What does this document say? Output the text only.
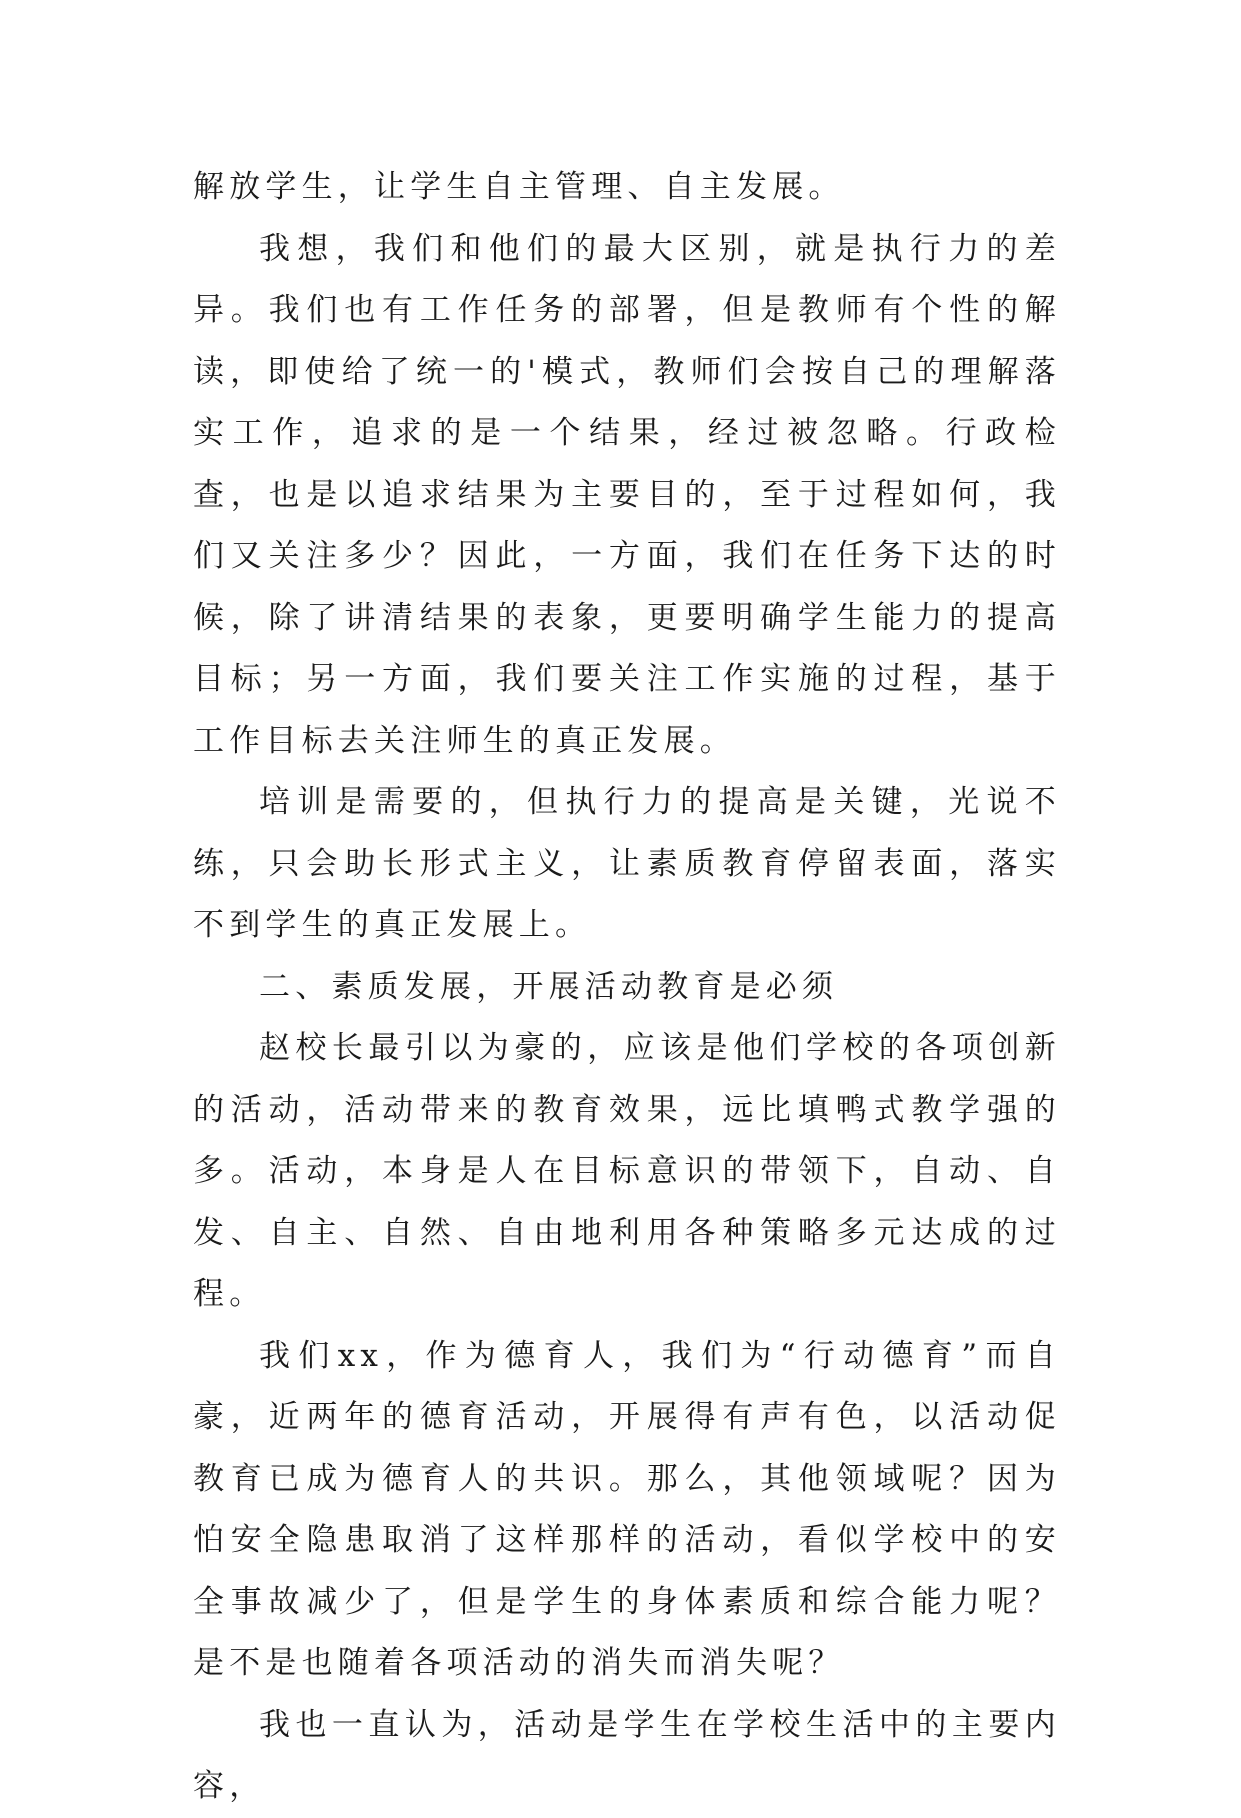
解放学生，让学生自主管理、自主发展。

我想，我们和他们的最大区别，就是执行力的差异。我们也有工作任务的部署，但是教师有个性的解读，即使给了统一的'模式，教师们会按自己的理解落实工作，追求的是一个结果，经过被忽略。行政检查，也是以追求结果为主要目的，至于过程如何，我们又关注多少？因此，一方面，我们在任务下达的时候，除了讲清结果的表象，更要明确学生能力的提高目标；另一方面，我们要关注工作实施的过程，基于工作目标去关注师生的真正发展。

培训是需要的，但执行力的提高是关键，光说不练，只会助长形式主义，让素质教育停留表面，落实不到学生的真正发展上。

二、素质发展，开展活动教育是必须

赵校长最引以为豪的，应该是他们学校的各项创新的活动，活动带来的教育效果，远比填鸭式教学强的多。活动，本身是人在目标意识的带领下，自动、自发、自主、自然、自由地利用各种策略多元达成的过程。

我们xx，作为德育人，我们为“行动德育”而自豪，近两年的德育活动，开展得有声有色，以活动促教育已成为德育人的共识。那么，其他领域呢？因为怕安全隐患取消了这样那样的活动，看似学校中的安全事故减少了，但是学生的身体素质和综合能力呢？是不是也随着各项活动的消失而消失呢？

我也一直认为，活动是学生在学校生活中的主要内容，
